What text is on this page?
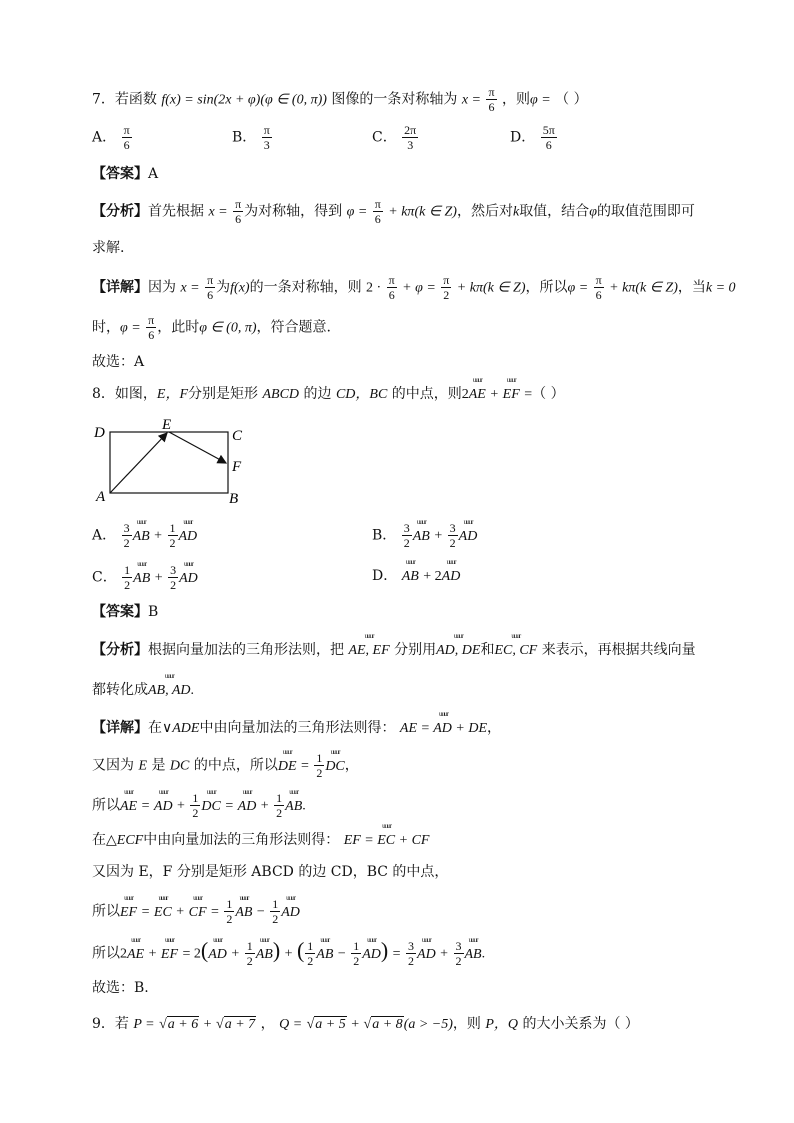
7．若函数 f(x) = sin(2x + φ)(φ ∈ (0, π)) 图像的一条对称轴为 $x = \frac{\pi}{6}$ ，则φ = （ ）
A． $\frac{\pi}{6}$	B． $\frac{\pi}{3}$	C． $\frac{2\pi}{3}$	D． $\frac{5\pi}{6}$
【答案】A
【分析】首先根据 $x = \frac{\pi}{6}$ 为对称轴，得到 $\varphi = \frac{\pi}{6} + k\pi(k$ ∈ Z)，然后对k取值，结合φ的取值范围即可
求解.
【详解】因为 $x = \frac{\pi}{6}$ 为f(x)的一条对称轴，则 $2 \cdot \frac{\pi}{6} + \varphi = \frac{\pi}{2} + k\pi(k$ ∈ Z)，所以$\varphi = \frac{\pi}{6} + k\pi(k$ ∈ Z)，当k = 0
时，$\varphi = \frac{\pi}{6}$ ，此时φ ∈ (0, π)，符合题意.
故选：A
8．如图，E，F分别是矩形 ABCD 的边 CD，BC 的中点，则2uuur AE + uuur EF =（ ）
D	E
C
F
A	B
A． $\frac{3}{2}$ uuur AB + $\frac{1}{2}$ uuur AD	B． $\frac{3}{2}$ uuur AB + $\frac{3}{2}$ uuur AD
C． $\frac{1}{2}$ uuur AB + $\frac{3}{2}$ uuur AD	D． uuur AB + 2uuur AD
【答案】B
【分析】根据向量加法的三角形法则，把 uuur AE, EF 分别用uuur AD, DE和uuur EC, CF 来表示，再根据共线向量
都转化成uuur AB, AD.
【详解】在∨ADE中由向量加法的三角形法则得： uuur AE = AD + DE，
又因为 E 是 DC 的中点，所以uuur DE = $\frac{1}{2}$ uuur DC，
所以uuur AE = uuur AD + $\frac{1}{2}$ uuur DC = uuur AD + $\frac{1}{2}$ uuur AB.
在△ECF中由向量加法的三角形法则得： uuur EF = EC + CF
又因为 E，F 分别是矩形 ABCD 的边 CD，BC 的中点，
所以uuur EF = uuur EC + uuur CF = $\frac{1}{2}$ uuur AB − $\frac{1}{2}$ uuur AD
所以2uuur AE + uuur EF = 2(uuur AD + $\frac{1}{2}$ uuur AB) + ( $\frac{1}{2}$ uuur AB − $\frac{1}{2}$ uuur $AD) = \frac{3}{2}$ uuur AD + $\frac{3}{2}$ uuur AB.
故选：B.
9．若 P = √a + 6 + √a + 7 ， Q = √a + 5 + √a + 8(a > −5)，则 P，Q 的大小关系为（ ）
